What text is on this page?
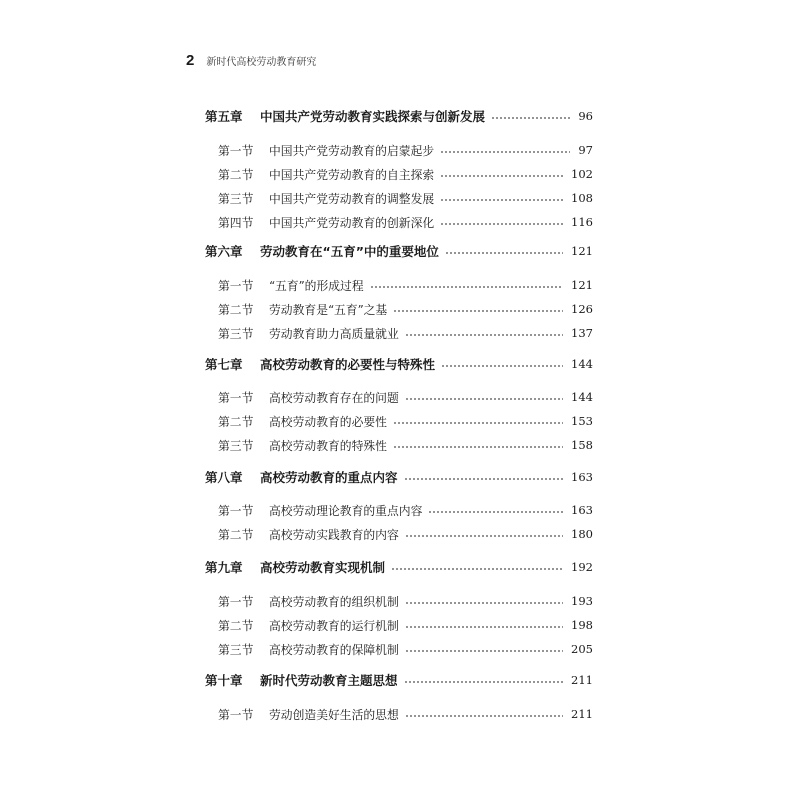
2 新时代高校劳动教育研究
第五章	中国共产党劳动教育实践探索与创新发展	96
第一节	中国共产党劳动教育的启蒙起步	97
第二节	中国共产党劳动教育的自主探索	102
第三节	中国共产党劳动教育的调整发展	108
第四节	中国共产党劳动教育的创新深化	116
第六章	劳动教育在“五育”中的重要地位	121
第一节	“五育”的形成过程	121
第二节	劳动教育是“五育”之基	126
第三节	劳动教育助力高质量就业	137
第七章	高校劳动教育的必要性与特殊性	144
第一节	高校劳动教育存在的问题	144
第二节	高校劳动教育的必要性	153
第三节	高校劳动教育的特殊性	158
第八章	高校劳动教育的重点内容	163
第一节	高校劳动理论教育的重点内容	163
第二节	高校劳动实践教育的内容	180
第九章	高校劳动教育实现机制	192
第一节	高校劳动教育的组织机制	193
第二节	高校劳动教育的运行机制	198
第三节	高校劳动教育的保障机制	205
第十章	新时代劳动教育主题思想	211
第一节	劳动创造美好生活的思想	211
